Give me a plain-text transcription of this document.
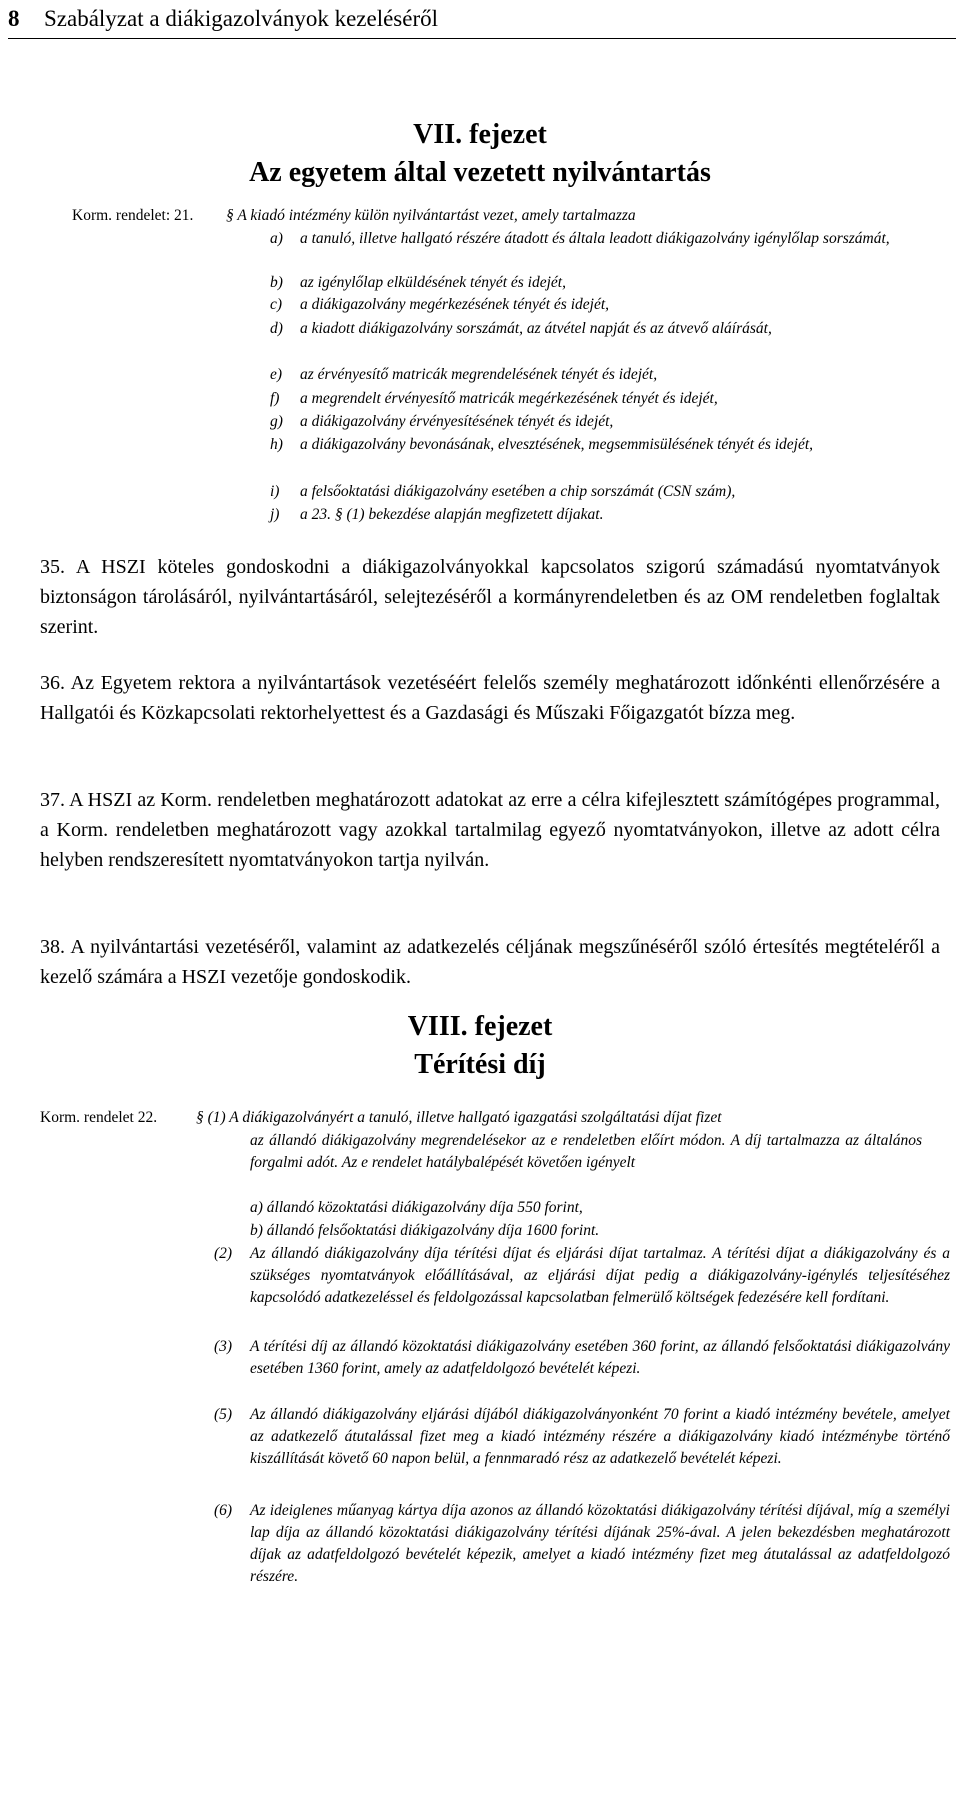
8 Szabályzat a diákigazolványok kezeléséről
VII. fejezet
Az egyetem által vezetett nyilvántartás
Korm. rendelet: 21. § A kiadó intézmény külön nyilvántartást vezet, amely tartalmazza
a) a tanuló, illetve hallgató részére átadott és általa leadott diákigazolvány igénylőlap sorszámát,
b) az igénylőlap elküldésének tényét és idejét,
c) a diákigazolvány megérkezésének tényét és idejét,
d) a kiadott diákigazolvány sorszámát, az átvétel napját és az átvevő aláírását,
e) az érvényesítő matricák megrendelésének tényét és idejét,
f) a megrendelt érvényesítő matricák megérkezésének tényét és idejét,
g) a diákigazolvány érvényesítésének tényét és idejét,
h) a diákigazolvány bevonásának, elvesztésének, megsemmisülésének tényét és idejét,
i) a felsőoktatási diákigazolvány esetében a chip sorszámát (CSN szám),
j) a 23. § (1) bekezdése alapján megfizetett díjakat.
35. A HSZI köteles gondoskodni a diákigazolványokkal kapcsolatos szigorú számadású nyomtatványok biztonságon tárolásáról, nyilvántartásáról, selejtezéséről a kormányrendeletben és az OM rendeletben foglaltak szerint.
36. Az Egyetem rektora a nyilvántartások vezetéséért felelős személy meghatározott időnkénti ellenőrzésére a Hallgatói és Közkapcsolati rektorhelyettest és a Gazdasági és Műszaki Főigazgatót bízza meg.
37. A HSZI az Korm. rendeletben meghatározott adatokat az erre a célra kifejlesztett számítógépes programmal, a Korm. rendeletben meghatározott vagy azokkal tartalmilag egyező nyomtatványokon, illetve az adott célra helyben rendszeresített nyomtatványokon tartja nyilván.
38. A nyilvántartási vezetéséről, valamint az adatkezelés céljának megszűnéséről szóló értesítés megtételéről a kezelő számára a HSZI vezetője gondoskodik.
VIII. fejezet
Térítési díj
Korm. rendelet 22.	§ (1) A diákigazolványért a tanuló, illetve hallgató igazgatási szolgáltatási díjat fizet
az állandó diákigazolvány megrendelésekor az e rendeletben előírt módon. A díj tartalmazza az általános forgalmi adót. Az e rendelet hatálybalépését követően igényelt
a) állandó közoktatási diákigazolvány díja 550 forint,
b) állandó felsőoktatási diákigazolvány díja 1600 forint.
(2) Az állandó diákigazolvány díja térítési díjat és eljárási díjat tartalmaz. A térítési díjat a diákigazolvány és a szükséges nyomtatványok előállításával, az eljárási díjat pedig a diákigazolvány-igénylés teljesítéséhez kapcsolódó adatkezeléssel és feldolgozással kapcsolatban felmerülő költségek fedezésére kell fordítani.
(3) A térítési díj az állandó közoktatási diákigazolvány esetében 360 forint, az állandó felsőoktatási diákigazolvány esetében 1360 forint, amely az adatfeldolgozó bevételét képezi.
(5) Az állandó diákigazolvány eljárási díjából diákigazolványonként 70 forint a kiadó intézmény bevétele, amelyet az adatkezelő átutalással fizet meg a kiadó intézmény részére a diákigazolvány kiadó intézménybe történő kiszállítását követő 60 napon belül, a fennmaradó rész az adatkezelő bevételét képezi.
(6) Az ideiglenes műanyag kártya díja azonos az állandó közoktatási diákigazolvány térítési díjával, míg a személyi lap díja az állandó közoktatási diákigazolvány térítési díjának 25%-ával. A jelen bekezdésben meghatározott díjak az adatfeldolgozó bevételét képezik, amelyet a kiadó intézmény fizet meg átutalással az adatfeldolgozó részére.
